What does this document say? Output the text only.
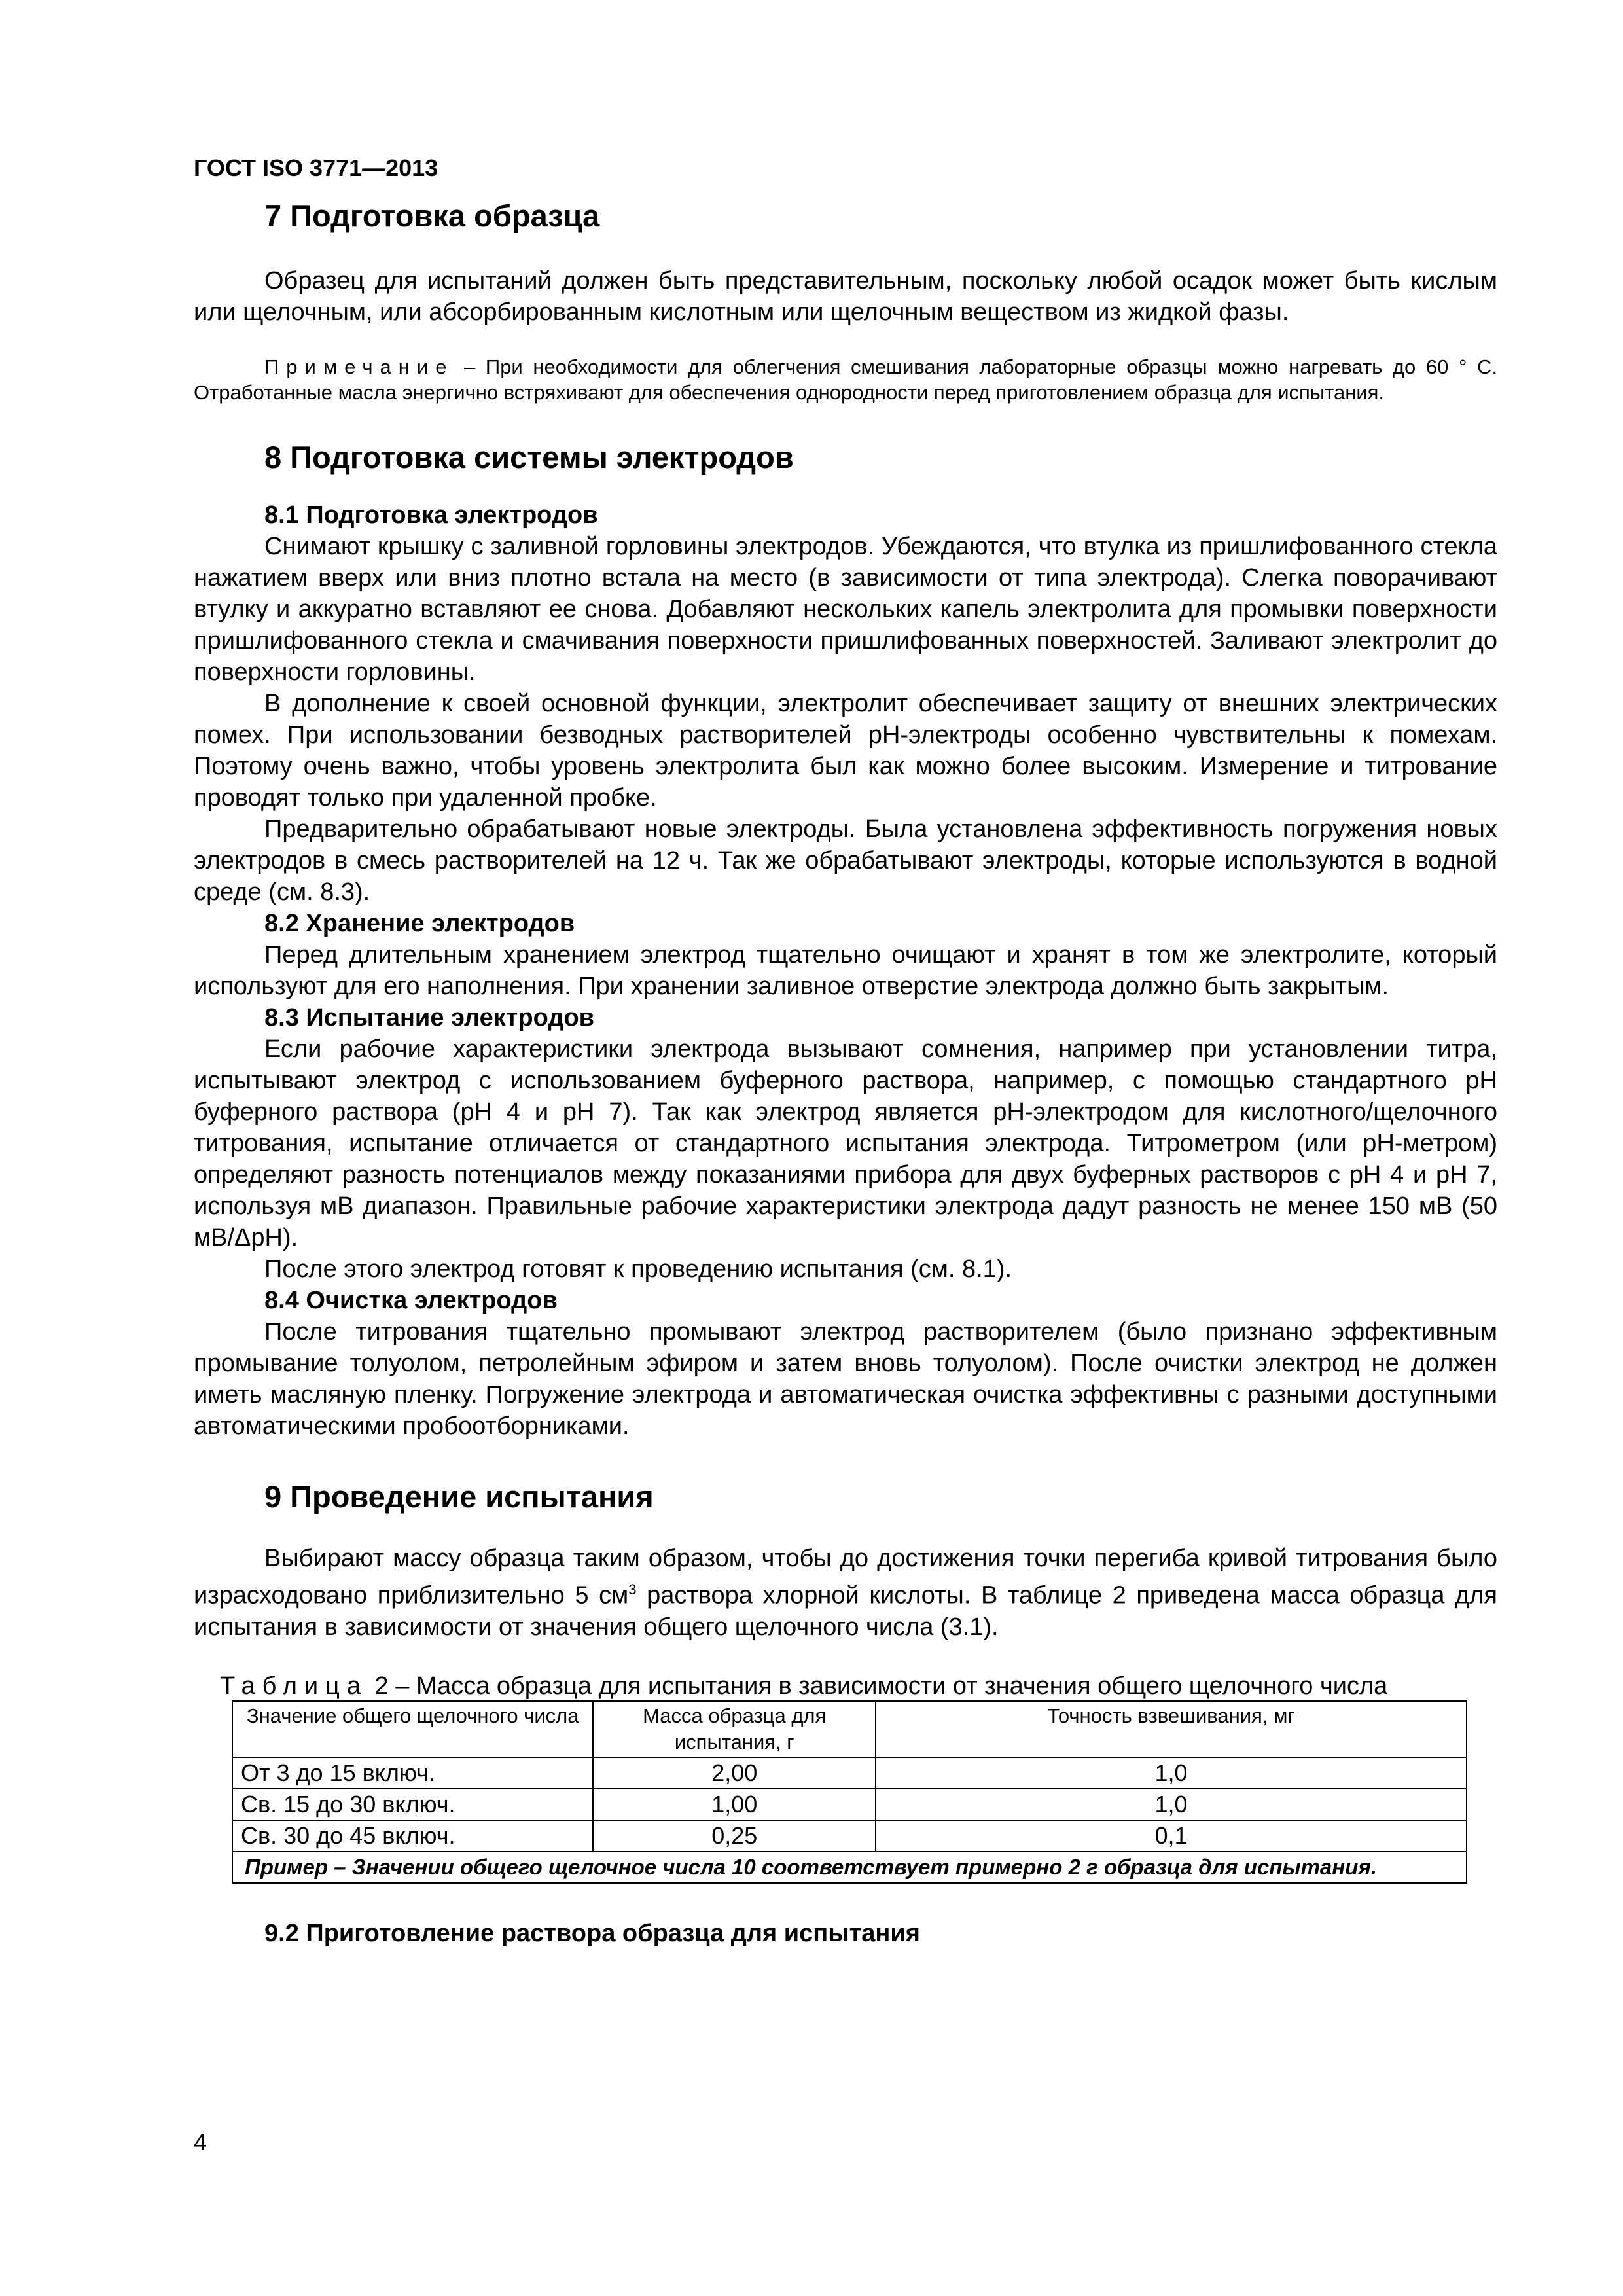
ГОСТ ISO 3771—2013
7 Подготовка образца

Образец для испытаний должен быть представительным, поскольку любой осадок может быть кислым или щелочным, или абсорбированным кислотным или щелочным веществом из жидкой фазы.

Примечание – При необходимости для облегчения смешивания лабораторные образцы можно нагревать до 60 ° С. Отработанные масла энергично встряхивают для обеспечения однородности перед приготовлением образца для испытания.

8 Подготовка системы электродов
8.1 Подготовка электродов

Снимают крышку с заливной горловины электродов. Убеждаются, что втулка из пришлифованного стекла нажатием вверх или вниз плотно встала на место (в зависимости от типа электрода). Слегка поворачивают втулку и аккуратно вставляют ее снова. Добавляют нескольких капель электролита для промывки поверхности пришлифованного стекла и смачивания поверхности пришлифованных поверхностей. Заливают электролит до поверхности горловины.

В дополнение к своей основной функции, электролит обеспечивает защиту от внешних электрических помех. При использовании безводных растворителей pH-электроды особенно чувствительны к помехам. Поэтому очень важно, чтобы уровень электролита был как можно более высоким. Измерение и титрование проводят только при удаленной пробке.

Предварительно обрабатывают новые электроды. Была установлена эффективность погружения новых электродов в смесь растворителей на 12 ч. Так же обрабатывают электроды, которые используются в водной среде (см. 8.3).

8.2 Хранение электродов

Перед длительным хранением электрод тщательно очищают и хранят в том же электролите, который используют для его наполнения. При хранении заливное отверстие электрода должно быть закрытым.

8.3 Испытание электродов

Если рабочие характеристики электрода вызывают сомнения, например при установлении титра, испытывают электрод с использованием буферного раствора, например, с помощью стандартного pH буферного раствора (pH 4 и pH 7). Так как электрод является pH-электродом для кислотного/щелочного титрования, испытание отличается от стандартного испытания электрода. Титрометром (или pH-метром) определяют разность потенциалов между показаниями прибора для двух буферных растворов с pH 4 и pH 7, используя мВ диапазон. Правильные рабочие характеристики электрода дадут разность не менее 150 мВ (50 мВ/ΔpH).

После этого электрод готовят к проведению испытания (см. 8.1).

8.4 Очистка электродов

После титрования тщательно промывают электрод растворителем (было признано эффективным промывание толуолом, петролейным эфиром и затем вновь толуолом). После очистки электрод не должен иметь масляную пленку. Погружение электрода и автоматическая очистка эффективны с разными доступными автоматическими пробоотборниками.

9 Проведение испытания

Выбирают массу образца таким образом, чтобы до достижения точки перегиба кривой титрования было израсходовано приблизительно 5 $см^3$ раствора хлорной кислоты. В таблице 2 приведена масса образца для испытания в зависимости от значения общего щелочного числа (3.1).

Таблица 2 – Масса образца для испытания в зависимости от значения общего щелочного числа

Значение общего щелочного числа	Масса образца для испытания, г	Точность взвешивания, мг
От 3 до 15 включ.	2,00	1,0
Св. 15 до 30 включ.	1,00	1,0
Св. 30 до 45 включ.	0,25	0,1
Пример – Значении общего щелочное числа 10 соответствует примерно 2 г образца для испытания.		
9.2 Приготовление раствора образца для испытания
4
